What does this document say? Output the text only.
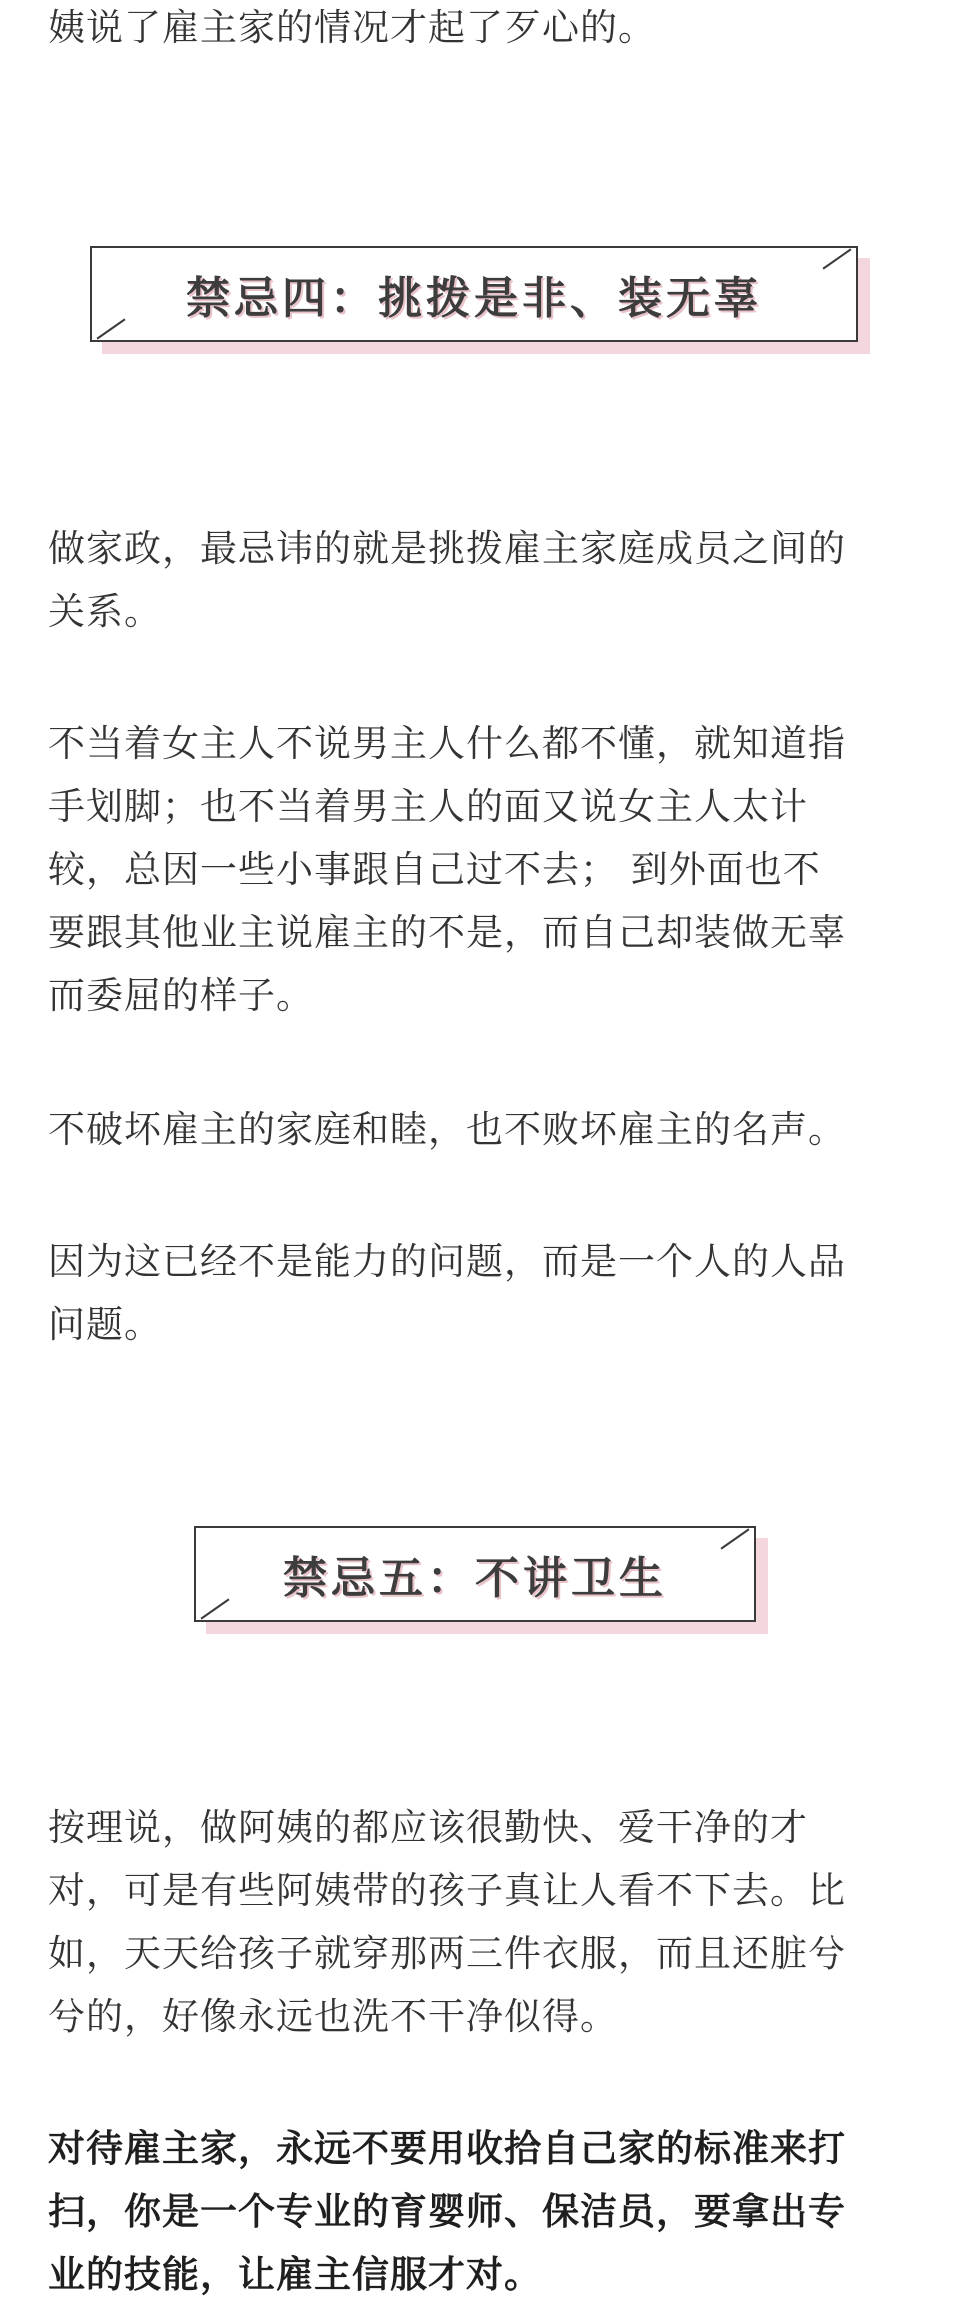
姨说了雇主家的情况才起了歹心的。

禁忌四：挑拨是非、装无辜

做家政，最忌讳的就是挑拨雇主家庭成员之间的
关系。

不当着女主人不说男主人什么都不懂，就知道指
手划脚；也不当着男主人的面又说女主人太计
较，总因一些小事跟自己过不去； 到外面也不
要跟其他业主说雇主的不是，而自己却装做无辜
而委屈的样子。

不破坏雇主的家庭和睦，也不败坏雇主的名声。

因为这已经不是能力的问题，而是一个人的人品
问题。

禁忌五：不讲卫生

按理说，做阿姨的都应该很勤快、爱干净的才
对，可是有些阿姨带的孩子真让人看不下去。比
如，天天给孩子就穿那两三件衣服，而且还脏兮
兮的，好像永远也洗不干净似得。

对待雇主家，永远不要用收拾自己家的标准来打
扫，你是一个专业的育婴师、保洁员，要拿出专
业的技能，让雇主信服才对。
